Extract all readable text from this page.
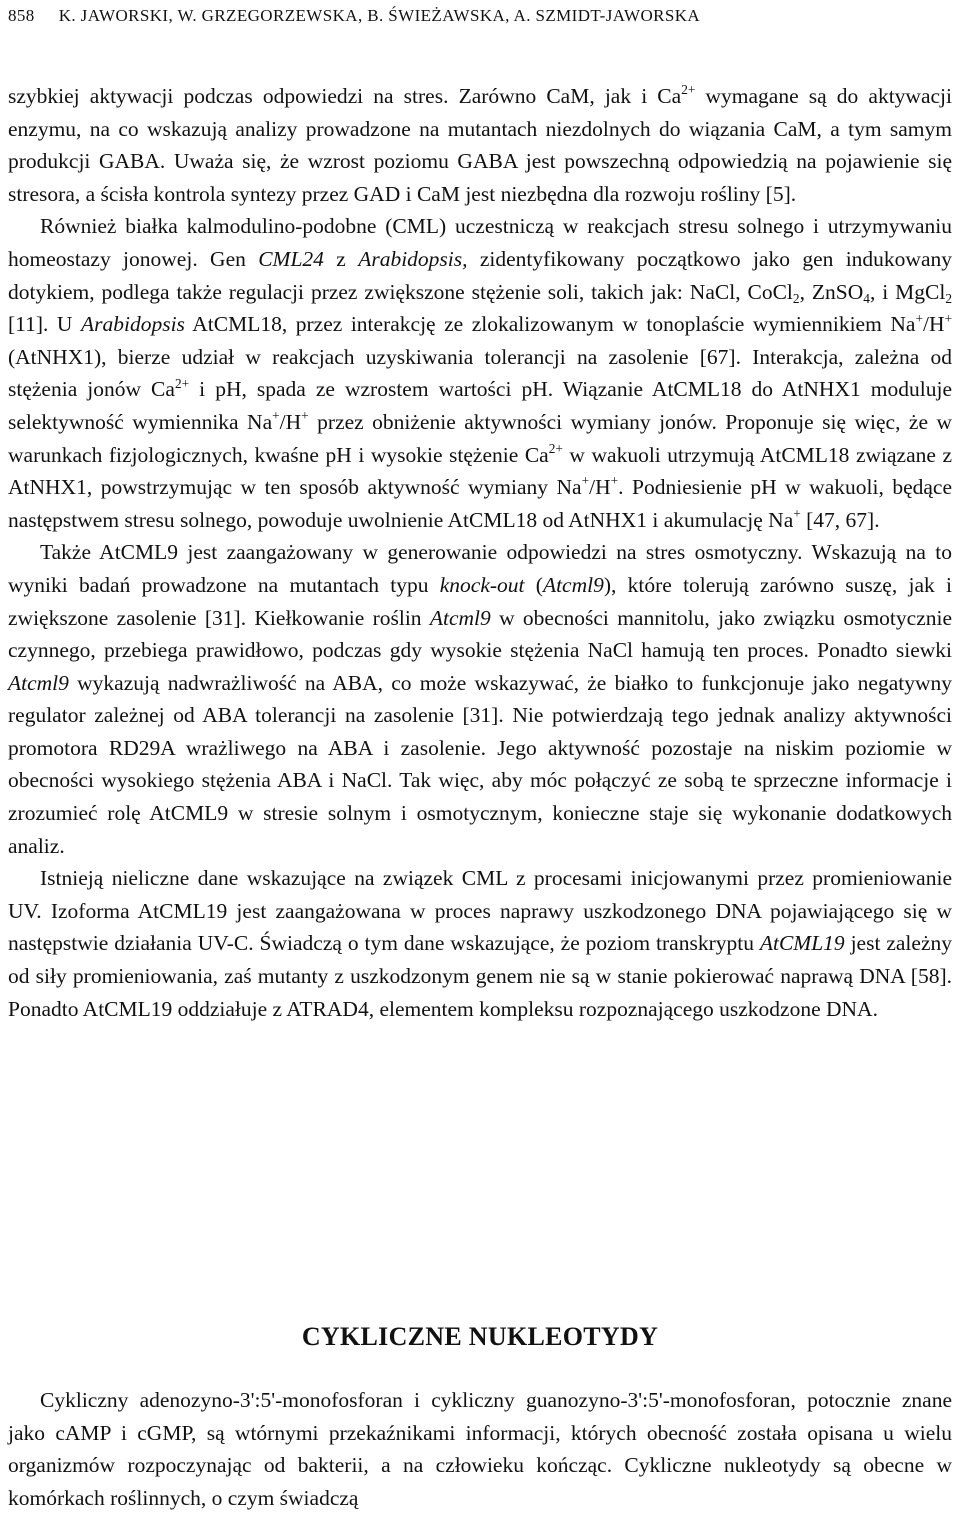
858 K. JAWORSKI, W. GRZEGORZEWSKA, B. ŚWIEŻAWSKA, A. SZMIDT-JAWORSKA

szybkiej aktywacji podczas odpowiedzi na stres. Zarówno CaM, jak i $Ca^{2+}$ wymagane są do aktywacji enzymu, na co wskazują analizy prowadzone na mutantach niezdolnych do wiązania CaM, a tym samym produkcji GABA. Uważa się, że wzrost poziomu GABA jest powszechną odpowiedzią na pojawienie się stresora, a ścisła kontrola syntezy przez GAD i CaM jest niezbędna dla rozwoju rośliny [5].

Również białka kalmodulino-podobne (CML) uczestniczą w reakcjach stresu solnego i utrzymywaniu homeostazy jonowej. Gen CML24 z Arabidopsis, zidentyfikowany początkowo jako gen indukowany dotykiem, podlega także regulacji przez zwiększone stężenie soli, takich jak: NaCl, CoCl$_2$, ZnSO$_4$, i MgCl$_2$ [11]. U Arabidopsis AtCML18, przez interakcję ze zlokalizowanym w tonoplaście wymiennikiem Na+/H+ (AtNHX1), bierze udział w reakcjach uzyskiwania tolerancji na zasolenie [67]. Interakcja, zależna od stężenia jonów $Ca^{2+}$ i pH, spada ze wzrostem wartości pH. Wiązanie AtCML18 do AtNHX1 moduluje selektywność wymiennika Na+/H+ przez obniżenie aktywności wymiany jonów. Proponuje się więc, że w warunkach fizjologicznych, kwaśne pH i wysokie stężenie $Ca^{2+}$ w wakuoli utrzymują AtCML18 związane z AtNHX1, powstrzymując w ten sposób aktywność wymiany Na+/H+. Podniesienie pH w wakuoli, będące następstwem stresu solnego, powoduje uwolnienie AtCML18 od AtNHX1 i akumulację Na+ [47, 67].

Także AtCML9 jest zaangażowany w generowanie odpowiedzi na stres osmotyczny. Wskazują na to wyniki badań prowadzone na mutantach typu knock-out (Atcml9), które tolerują zarówno suszę, jak i zwiększone zasolenie [31]. Kiełkowanie roślin Atcml9 w obecności mannitolu, jako związku osmotycznie czynnego, przebiega prawidłowo, podczas gdy wysokie stężenia NaCl hamują ten proces. Ponadto siewki Atcml9 wykazują nadwrażliwość na ABA, co może wskazywać, że białko to funkcjonuje jako negatywny regulator zależnej od ABA tolerancji na zasolenie [31]. Nie potwierdzają tego jednak analizy aktywności promotora RD29A wrażliwego na ABA i zasolenie. Jego aktywność pozostaje na niskim poziomie w obecności wysokiego stężenia ABA i NaCl. Tak więc, aby móc połączyć ze sobą te sprzeczne informacje i zrozumieć rolę AtCML9 w stresie solnym i osmotycznym, konieczne staje się wykonanie dodatkowych analiz.

Istnieją nieliczne dane wskazujące na związek CML z procesami inicjowanymi przez promieniowanie UV. Izoforma AtCML19 jest zaangażowana w proces naprawy uszkodzonego DNA pojawiającego się w następstwie działania UV-C. Świadczą o tym dane wskazujące, że poziom transkryptu AtCML19 jest zależny od siły promieniowania, zaś mutanty z uszkodzonym genem nie są w stanie pokierować naprawą DNA [58]. Ponadto AtCML19 oddziałuje z ATRAD4, elementem kompleksu rozpoznającego uszkodzone DNA.

CYKLICZNE NUKLEOTYDY

Cykliczny adenozyno-3':5'-monofosforan i cykliczny guanozyno-3':5'-monofosforan, potocznie znane jako cAMP i cGMP, są wtórnymi przekaźnikami informacji, których obecność została opisana u wielu organizmów rozpoczynając od bakterii, a na człowieku kończąc. Cykliczne nukleotydy są obecne w komórkach roślinnych, o czym świadczą
